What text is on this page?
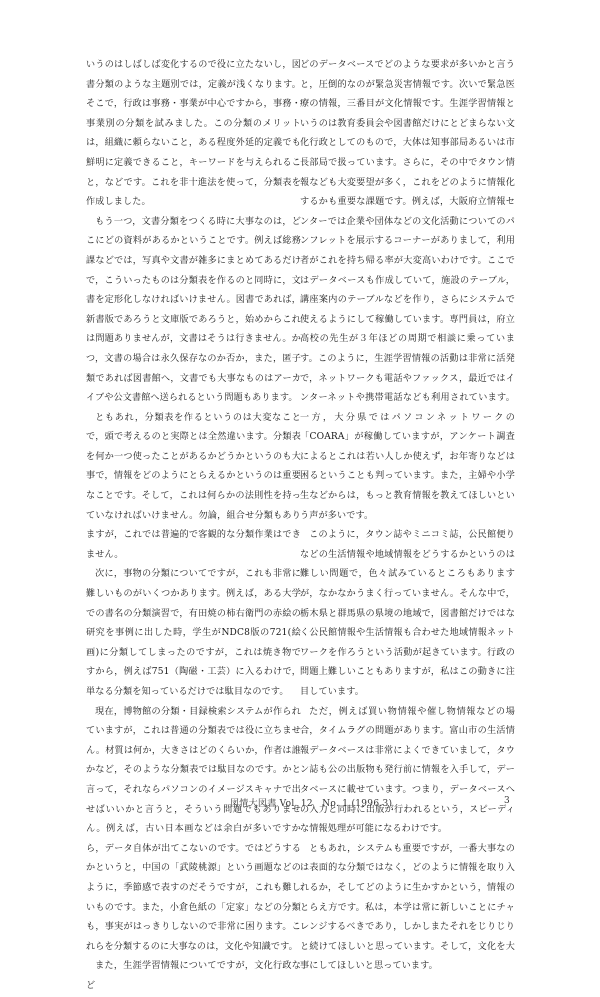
いうのはしばしば変化するので役に立たないし，図書分類のような主題別では，定義が浅くなります。そこで，行政は事務・事業が中心ですから，事務・事業別の分類を試みました。この分類のメリットは，組織に頼らないこと，ある程度外延的定義でも鮮明に定義できること，キーワードを与えられること，などです。これを非十進法を使って，分類表を作成しました。

もう一つ，文書分類をつくる時に大事なのは，どこにどの資料があるかということです。例えば総務課などでは，写真や文書が雑多にまとめてあるだけで，こういったものは分類表を作るのと同時に，文書を定形化しなければいけません。図書であれば，新書版であろうと文庫版であろうと，始めからこれは問題ありませんが，文書はそうは行きません。かつ，文書の場合は永久保存なのか否か，また，匿子類であれば図書館へ，文書でも大事なものはアーカイブや公文書館へ送られるという問題もあります。

ともあれ，分類表を作るというのは大変なことで，頭で考えるのと実際とは全然違います。分類表を何か一つ使ったことがあるかどうかというのも大事で，情報をどのようにとらえるかというのは重要なことです。そして，これは何らかの法則性を持っていなければいけません。勿論，組合せ分類もありますが，これでは普遍的で客観的な分類作業はできません。

次に，事物の分類についてですが，これも非常に難しいものがいくつかあります。例えば，ある大学での書名の分類演習で，有田焼の柿右衛門の赤絵の研究を事例に出した時，学生がNDC8版の721(絵画)に分類してしまったのですが，これは焼き物ですから，例えば751（陶磁・工芸）に入るわけで，単なる分類を知っているだけでは駄目なのです。

現在，博物館の分類・目録検索システムが作られていますが，これは普通の分類表では役に立ちません。材質は何か，大きさはどのくらいか，作者は誰かなど，そのような分類表では駄目なのです。かと言って，それならパソコンのイメージスキャナで出せばいいかと言うと，そういう問題でもありません。例えば，古い日本画などは余白が多いですから，データ自体が出てこないのです。ではどうするかというと，中国の「武陵桃源」という画題などのように，季節感で表すのだそうですが，これも難しいものです。また，小倉色紙の「定家」などの分類も，事実がはっきりしないので非常に困ります。これらを分類するのに大事なのは，文化や知識です。

また，生涯学習情報についてですが，文化行政など

どのデータベースでどのような要求が多いかと言うと，圧倒的なのが緊急災害情報です。次いで緊急医療の情報，三番目が文化情報です。生涯学習情報というのは教育委員会や図書館だけにとどまらない文化行政としてのもので，大体は知事部局あるいは市長部局で扱っています。さらに，その中でタウン情報なども大変要望が多く，これをどのように情報化するかも重要な課題です。例えば，大阪府立情報センターでは企業や団体などの文化活動についてのパンフレットを展示するコーナーがありまして，利用者がこれを持ち帰る率が大変高いわけです。ここではデータベースも作成していて，施設のテーブル，講座案内のテーブルなどを作り，さらにシステムで使えるようにして稼働しています。専門員は，府立高校の先生が３年ほどの周期で相談に乗っています。このように，生涯学習情報の活動は非常に活発で，ネットワークも電話やファックス，最近ではインターネットや携帯電話なども利用されています。一方，大分県ではパソコンネットワークの「COARA」が稼働していますが，アンケート調査によるとこれは若い人しか使えず，お年寄りなどは困るということも判っています。また，主婦や小学生などからは，もっと教育情報を教えてほしいという声が多いです。

このように，タウン誌やミニコミ誌，公民館便りなどの生活情報や地域情報をどうするかというのは難しい問題で，色々試みているところもありますが，なかなかうまく行っていません。そんな中で，栃木県と群馬県の県境の地域で，図書館だけではなく公民館情報や生活情報も合わせた地域情報ネットワークを作ろうという活動が起きています。行政の問題上難しいこともありますが，私はこの動きに注目しています。

ただ，例えば買い物情報や催し物情報などの場合，タイムラグの問題があります。富山市の生活情報データベースは非常によくできていまして，タウン誌も公の出版物も発行前に情報を入手して，データベースに載せています。つまり，データベースへの入力と同時に出版が行われるという，スピーディな情報処理が可能になるわけです。

ともあれ，システムも重要ですが，一番大事なのは表面的な分類ではなく，どのように情報を取り入れるか，そしてどのように生かすかという，情報のとらえ方です。私は，本学は常に新しいことにチャレンジするべきであり，しかしまたそれをじりじりと続けてほしいと思っています。そして，文化を大事にしてほしいと思っています。

図情大図書 Vol. 12　No. 1 (1996.3)	3
